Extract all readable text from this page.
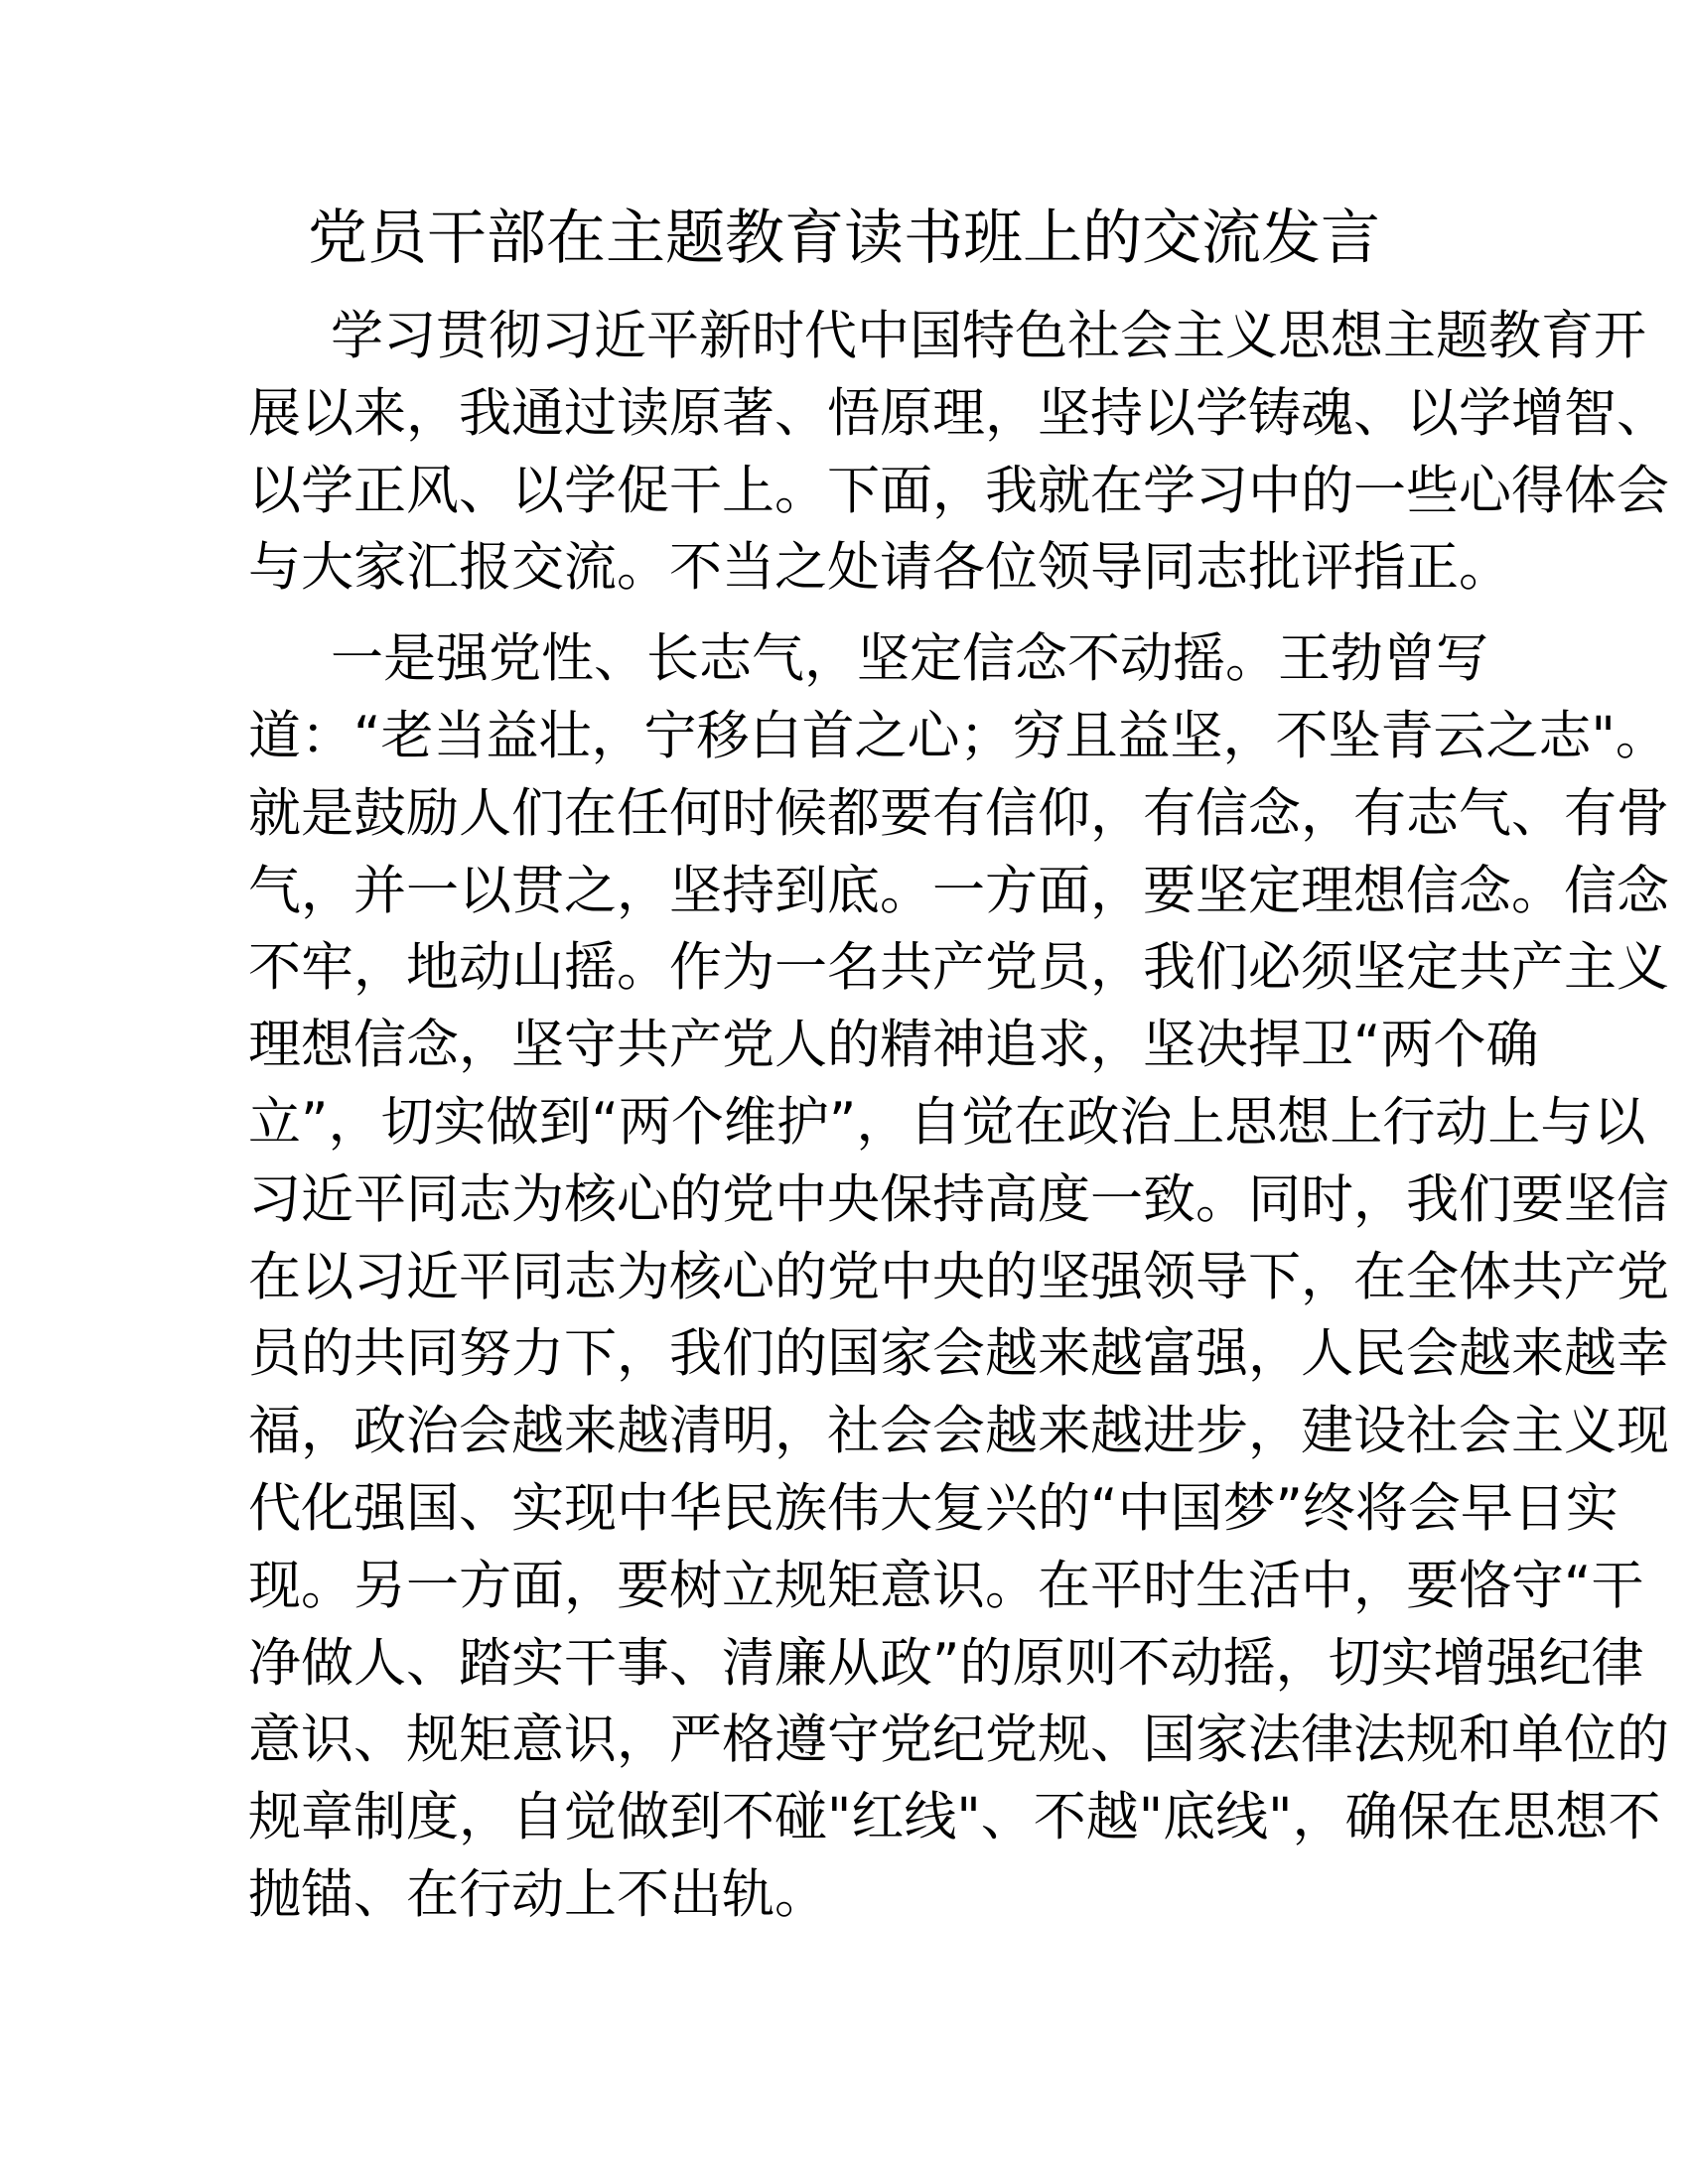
党员干部在主题教育读书班上的交流发言
学习贯彻习近平新时代中国特色社会主义思想主题教育开
展以来，我通过读原著、悟原理，坚持以学铸魂、以学增智、
以学正风、以学促干上。下面，我就在学习中的一些心得体会
与大家汇报交流。不当之处请各位领导同志批评指正。
一是强党性、长志气，坚定信念不动摇。王勃曾写
道：“老当益壮，宁移白首之心；穷且益坚，不坠青云之志"。
就是鼓励人们在任何时候都要有信仰，有信念，有志气、有骨
气，并一以贯之，坚持到底。一方面，要坚定理想信念。信念
不牢，地动山摇。作为一名共产党员，我们必须坚定共产主义
理想信念，坚守共产党人的精神追求，坚决捍卫“两个确
立”，切实做到“两个维护”，自觉在政治上思想上行动上与以
习近平同志为核心的党中央保持高度一致。同时，我们要坚信
在以习近平同志为核心的党中央的坚强领导下，在全体共产党
员的共同努力下，我们的国家会越来越富强，人民会越来越幸
福，政治会越来越清明，社会会越来越进步，建设社会主义现
代化强国、实现中华民族伟大复兴的“中国梦”终将会早日实
现。另一方面，要树立规矩意识。在平时生活中，要恪守“干
净做人、踏实干事、清廉从政”的原则不动摇，切实增强纪律
意识、规矩意识，严格遵守党纪党规、国家法律法规和单位的
规章制度，自觉做到不碰"红线"、不越"底线"，确保在思想不
抛锚、在行动上不出轨。
